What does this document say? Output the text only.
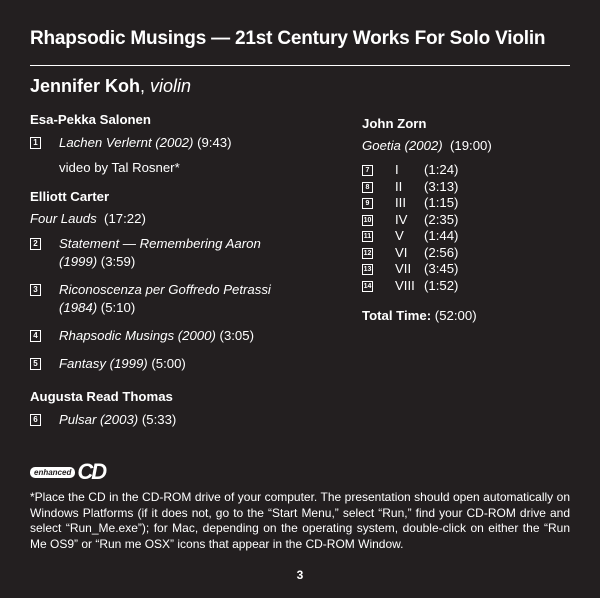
Rhapsodic Musings — 21st Century Works For Solo Violin
Jennifer Koh, violin
Esa-Pekka Salonen
1 Lachen Verlernt (2002) (9:43)
video by Tal Rosner*
Elliott Carter
Four Lauds (17:22)
2 Statement — Remembering Aaron (1999) (3:59)
3 Riconoscenza per Goffredo Petrassi (1984) (5:10)
4 Rhapsodic Musings (2000) (3:05)
5 Fantasy (1999) (5:00)
Augusta Read Thomas
6 Pulsar (2003) (5:33)
John Zorn
Goetia (2002) (19:00)
7 I (1:24)
8 II (3:13)
9 III (1:15)
10 IV (2:35)
11 V (1:44)
12 VI (2:56)
13 VII (3:45)
14 VIII (1:52)
Total Time: (52:00)
enhanced CD
*Place the CD in the CD-ROM drive of your computer. The presentation should open automatically on Windows Platforms (if it does not, go to the “Start Menu,” select “Run,” find your CD-ROM drive and select “Run_Me.exe”); for Mac, depending on the operating system, double-click on either the “Run Me OS9” or “Run me OSX” icons that appear in the CD-ROM Window.
3
